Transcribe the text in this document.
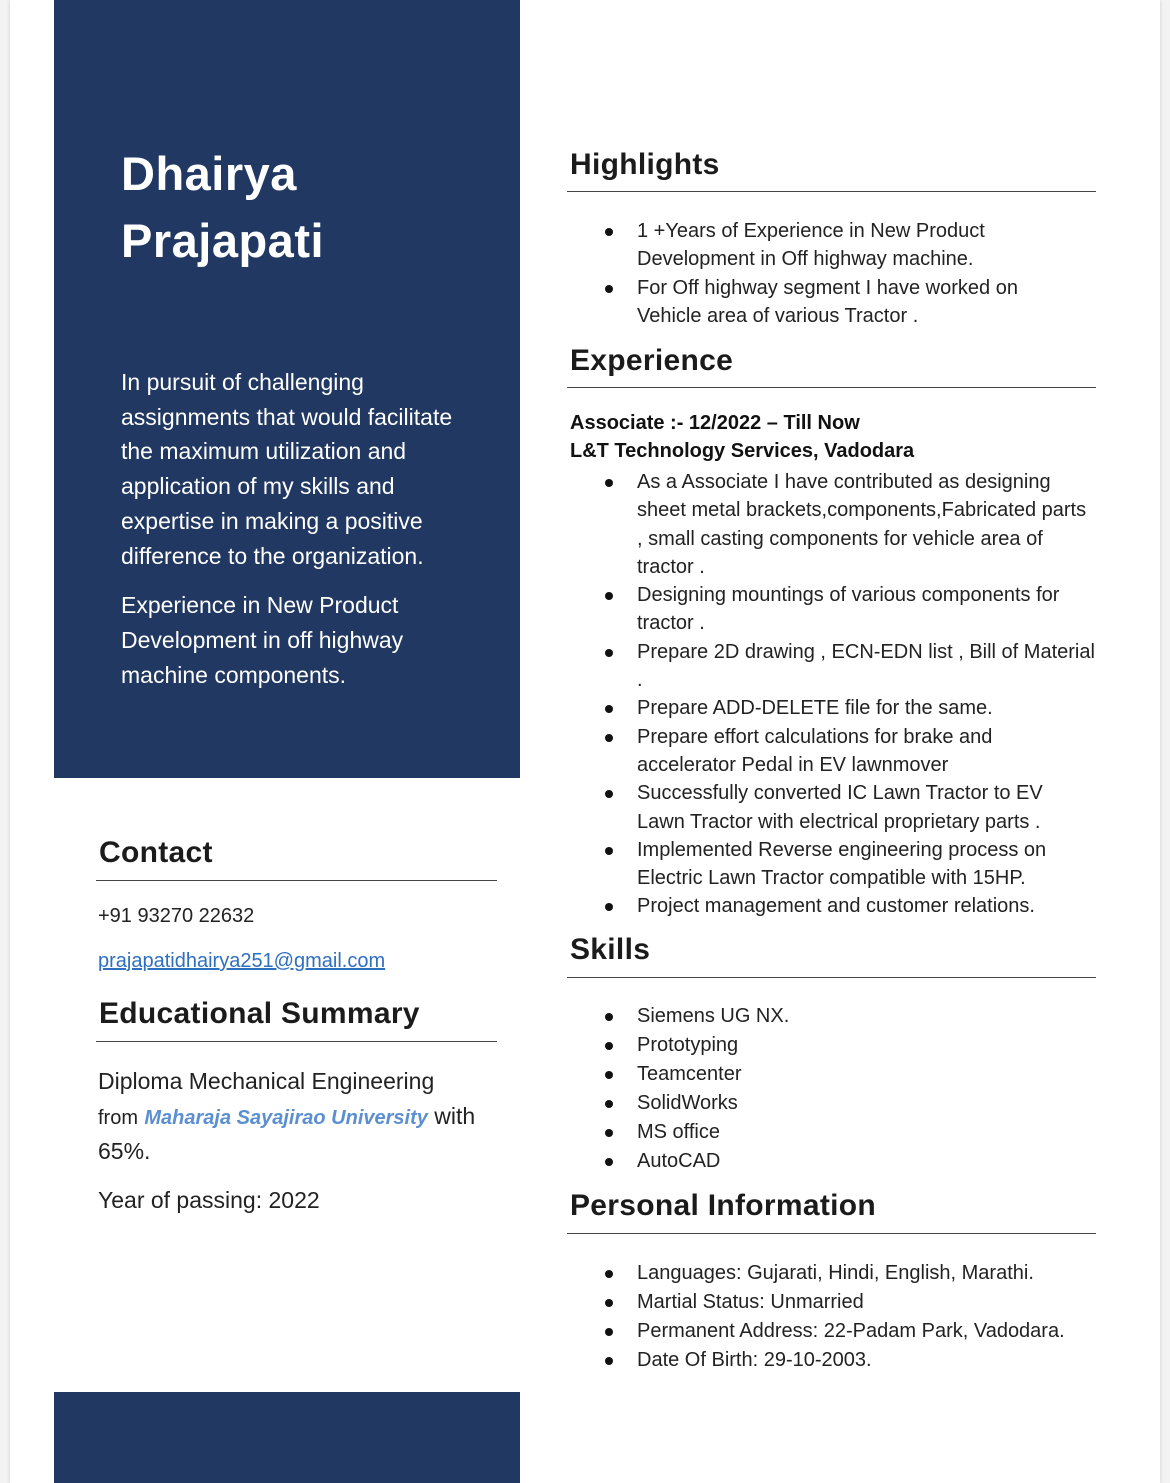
Dhairya
Prajapati

In pursuit of challenging assignments that would facilitate the maximum utilization and application of my skills and expertise in making a positive difference to the organization.

Experience in New Product Development in off highway machine components.

Contact
+91 93270 22632
prajapatidhairya251@gmail.com
Educational Summary
Diploma Mechanical Engineering
from Maharaja Sayajirao University with
65%.
Year of passing: 2022
Highlights
1 +Years of Experience in New Product Development in Off highway machine.
For Off highway segment I have worked on Vehicle area of various Tractor .
Experience
Associate :- 12/2022 – Till Now
L&T Technology Services, Vadodara
As a Associate I have contributed as designing sheet metal brackets,components,Fabricated parts , small casting components for vehicle area of tractor .
Designing mountings of various components for tractor .
Prepare 2D drawing , ECN-EDN list , Bill of Material .
Prepare ADD-DELETE file for the same.
Prepare effort calculations for brake and accelerator Pedal in EV lawnmover
Successfully converted IC Lawn Tractor to EV Lawn Tractor with electrical proprietary parts .
Implemented Reverse engineering process on Electric Lawn Tractor compatible with 15HP.
Project management and customer relations.
Skills
Siemens UG NX.
Prototyping
Teamcenter
SolidWorks
MS office
AutoCAD
Personal Information
Languages: Gujarati, Hindi, English, Marathi.
Martial Status: Unmarried
Permanent Address: 22-Padam Park, Vadodara.
Date Of Birth: 29-10-2003.
